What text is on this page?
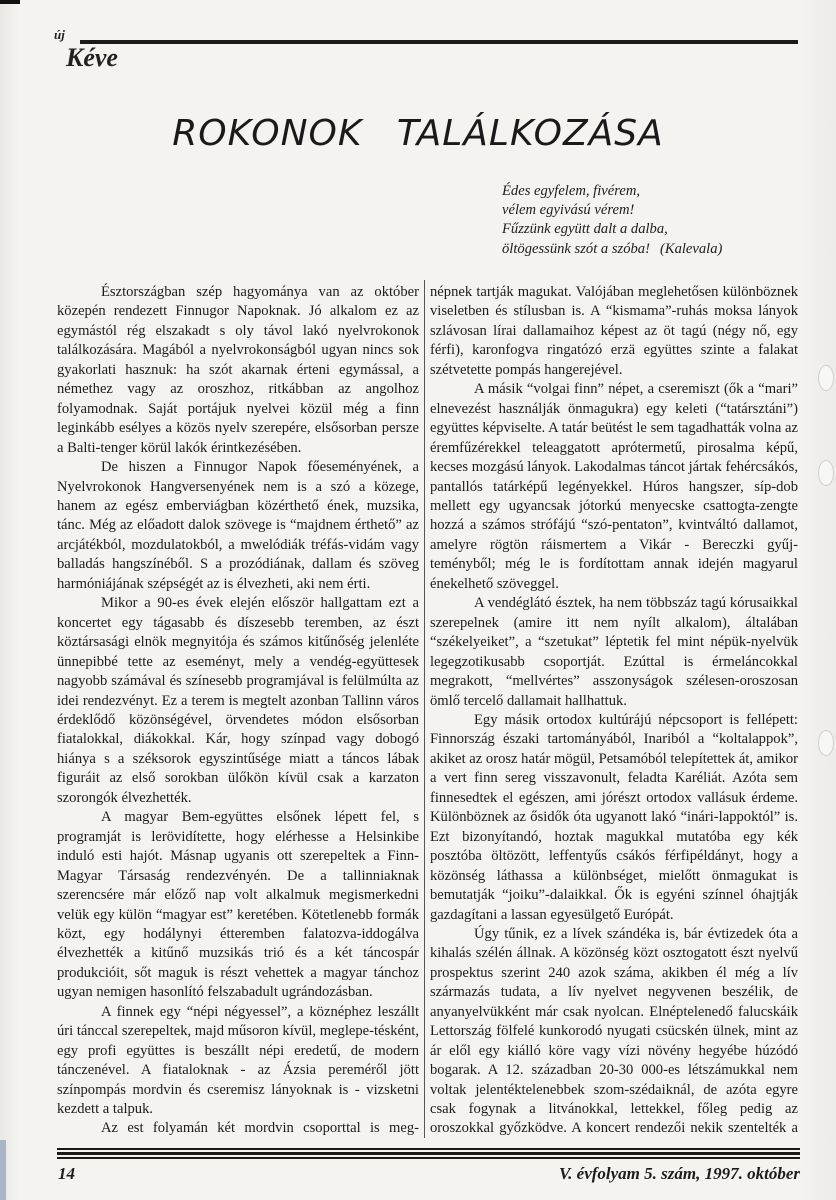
új
Kéve
ROKONOK TALÁLKOZÁSA
Édes egyfelem, fivérem,
vélem egyivású vérem!
Fűzzünk együtt dalt a dalba,
öltögessünk szót a szóba! (Kalevala)

Észtországban szép hagyománya van az október közepén rendezett Finnugor Napoknak. Jó alkalom ez az egymástól rég elszakadt s oly távol lakó nyelvrokonok találkozására. Magából a nyelvrokonságból ugyan nincs sok gyakorlati hasznuk: ha szót akarnak érteni egymással, a némethez vagy az oroszhoz, ritkábban az angolhoz folyamodnak. Saját portájuk nyelvei közül még a finn leginkább esélyes a közös nyelv szerepére, elsősorban persze a Balti-tenger körül lakók érintkezésében.

De hiszen a Finnugor Napok főeseményének, a Nyelvrokonok Hangversenyének nem is a szó a közege, hanem az egész emberviágban közérthető ének, muzsika, tánc. Még az előadott dalok szövege is “majdnem érthető” az arcjátékból, mozdulatokból, a mwelódiák tréfás-vidám vagy balladás hangszínéből. S a prozódiának, dallam és szöveg harmóniájának szépségét az is élvezheti, aki nem érti.

Mikor a 90-es évek elején először hallgattam ezt a koncertet egy tágasabb és díszesebb teremben, az észt köztársasági elnök megnyitója és számos kitűnőség jelenléte ünnepibbé tette az eseményt, mely a vendég-együttesek nagyobb számával és színesebb programjával is felülmúlta az idei rendezvényt. Ez a terem is megtelt azonban Tallinn város érdeklődő közönségével, örvendetes módon elsősorban fiatalokkal, diákokkal. Kár, hogy színpad vagy dobogó hiánya s a széksorok egyszintűsége miatt a táncos lábak figuráit az első sorokban ülőkön kívül csak a karzaton szorongók élvezhették.

A magyar Bem-együttes elsőnek lépett fel, s programját is lerövidítette, hogy elérhesse a Helsinkibe induló esti hajót. Másnap ugyanis ott szerepeltek a Finn-Magyar Társaság rendezvényén. De a tallinniaknak szerencsére már előző nap volt alkalmuk megismerkedni velük egy külön “magyar est” keretében. Kötetlenebb formák közt, egy hodálynyi étteremben falatozva-iddogálva élvezhették a kitűnő muzsikás trió és a két táncospár produkcióit, sőt maguk is részt vehettek a magyar tánchoz ugyan nemigen hasonlító felszabadult ugrándozásban.

A finnek egy “népi négyessel”, a köznéphez leszállt úri tánccal szerepeltek, majd műsoron kívül, meglepe-tésként, egy profi együttes is beszállt népi eredetű, de modern tánczenével. A fiataloknak - az Ázsia pereméről jött színpompás mordvin és cseremisz lányoknak is - vizsketni kezdett a talpuk.

Az est folyamán két mordvin csoporttal is meg-

népnek tartják magukat. Valójában meglehetősen különböznek viseletben és stílusban is. A “kismama”-ruhás moksa lányok szlávosan lírai dallamaihoz képest az öt tagú (négy nő, egy férfi), karonfogva ringatózó erzä együttes szinte a falakat szétvetette pompás hangerejével.

A másik “volgai finn” népet, a cseremiszt (ők a “mari” elnevezést használják önmagukra) egy keleti (“tatársztáni”) együttes képviselte. A tatár beütést le sem tagadhatták volna az éremfűzérekkel teleaggatott aprótermetű, pirosalma képű, kecses mozgású lányok. Lakodalmas táncot jártak fehércsákós, pantallós tatárképű legényekkel. Húros hangszer, síp-dob mellett egy ugyancsak jótorkú menyecske csattogta-zengte hozzá a számos strófájú “szó-pentaton”, kvintváltó dallamot, amelyre rögtön ráismertem a Vikár - Bereczki gyűj-teményből; még le is fordítottam annak idején magyarul énekelhető szöveggel.

A vendéglátó észtek, ha nem többszáz tagú kórusaikkal szerepelnek (amire itt nem nyílt alkalom), általában “székelyeiket”, a “szetukat” léptetik fel mint népük-nyelvük legegzotikusabb csoportját. Ezúttal is érmeláncokkal megrakott, “mellvértes” asszonyságok szélesen-oroszosan ömlő tercelő dallamait hallhattuk.

Egy másik ortodox kultúrájú népcsoport is fellépett: Finnország északi tartományából, Inariból a “koltalappok”, akiket az orosz határ mögül, Petsamóból telepítettek át, amikor a vert finn sereg visszavonult, feladta Karéliát. Azóta sem finnesedtek el egészen, ami jórészt ortodox vallásuk érdeme. Különböznek az ősidők óta ugyanott lakó “inári-lappoktól” is. Ezt bizonyítandó, hoztak magukkal mutatóba egy kék posztóba öltözött, leffentyűs csákós férfipéldányt, hogy a közönség láthassa a különbséget, mielőtt önmagukat is bemutatják “joiku”-dalaikkal. Ők is egyéni színnel óhajtják gazdagítani a lassan egyesülgető Európát.

Úgy tűnik, ez a lívek szándéka is, bár évtizedek óta a kihalás szélén állnak. A közönség közt osztogatott észt nyelvű prospektus szerint 240 azok száma, akikben él még a lív származás tudata, a lív nyelvet negyvenen beszélik, de anyanyelvükként már csak nyolcan. Elnéptelenedő falucskáik Lettország fölfelé kunkorodó nyugati csücskén ülnek, mint az ár elől egy kiálló köre vagy vízi növény hegyébe húzódó bogarak. A 12. században 20-30 000-es létszámukkal nem voltak jelentéktelenebbek szom-szédaiknál, de azóta egyre csak fogynak a litvánokkal, lettekkel, főleg pedig az oroszokkal győzködve. A koncert rendezői nekik szentelték a

14	V. évfolyam 5. szám, 1997. október
